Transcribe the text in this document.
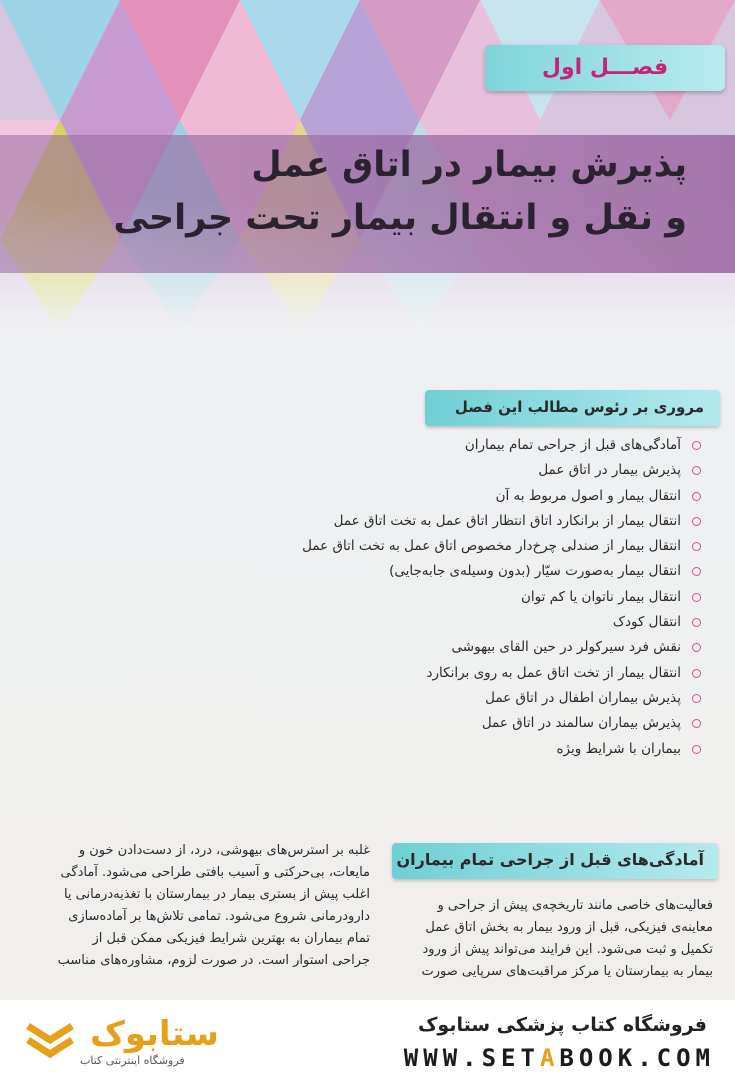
فصـــل اول
پذیرش بیمار در اتاق عمل
و نقل و انتقال بیمار تحت جراحی
مروری بر رئوس مطالب این فصل
آمادگی‌های قبل از جراحی تمام بیماران
پذیرش بیمار در اتاق عمل
انتقال بیمار و اصول مربوط به آن
انتقال بیمار از برانکارد اتاق انتظار اتاق عمل به تخت اتاق عمل
انتقال بیمار از صندلی چرخ‌دار مخصوص اتاق عمل به تخت اتاق عمل
انتقال بیمار به‌صورت سیّار (بدون وسیله‌ی جابه‌جایی)
انتقال بیمار ناتوان یا کم توان
انتقال کودک
نقش فرد سیرکولر در حین القای بیهوشی
انتقال بیمار از تخت اتاق عمل به روی برانکارد
پذیرش بیماران اطفال در اتاق عمل
پذیرش بیماران سالمند در اتاق عمل
بیماران با شرایط ویژه

غلبه بر استرس‌های بیهوشی، درد، از دست‌دادن خون و

مایعات، بی‌حرکتی و آسیب بافتی طراحی می‌شود. آمادگی

اغلب پیش از بستری بیمار در بیمارستان با تغذیه‌درمانی یا

دارودرمانی شروع می‌شود. تمامی تلاش‌ها بر آماده‌سازی

تمام بیماران به بهترین شرایط فیزیکی ممکن قبل از

جراحی استوار است. در صورت لزوم، مشاوره‌های مناسب

آمادگی‌های قبل از جراحی تمام بیماران

فعالیت‌های خاصی مانند تاریخچه‌ی پیش از جراحی و

معاینه‌ی فیزیکی، قبل از ورود بیمار به بخش اتاق عمل

تکمیل و ثبت می‌شود. این فرایند می‌تواند پیش از ورود

بیمار به بیمارستان یا مرکز مراقبت‌های سرپایی صورت

ستابوک
فروشگاه اینترنتی کتاب
فروشگاه کتاب پزشکی ستابوک
WWW.SETABOOK.COM
